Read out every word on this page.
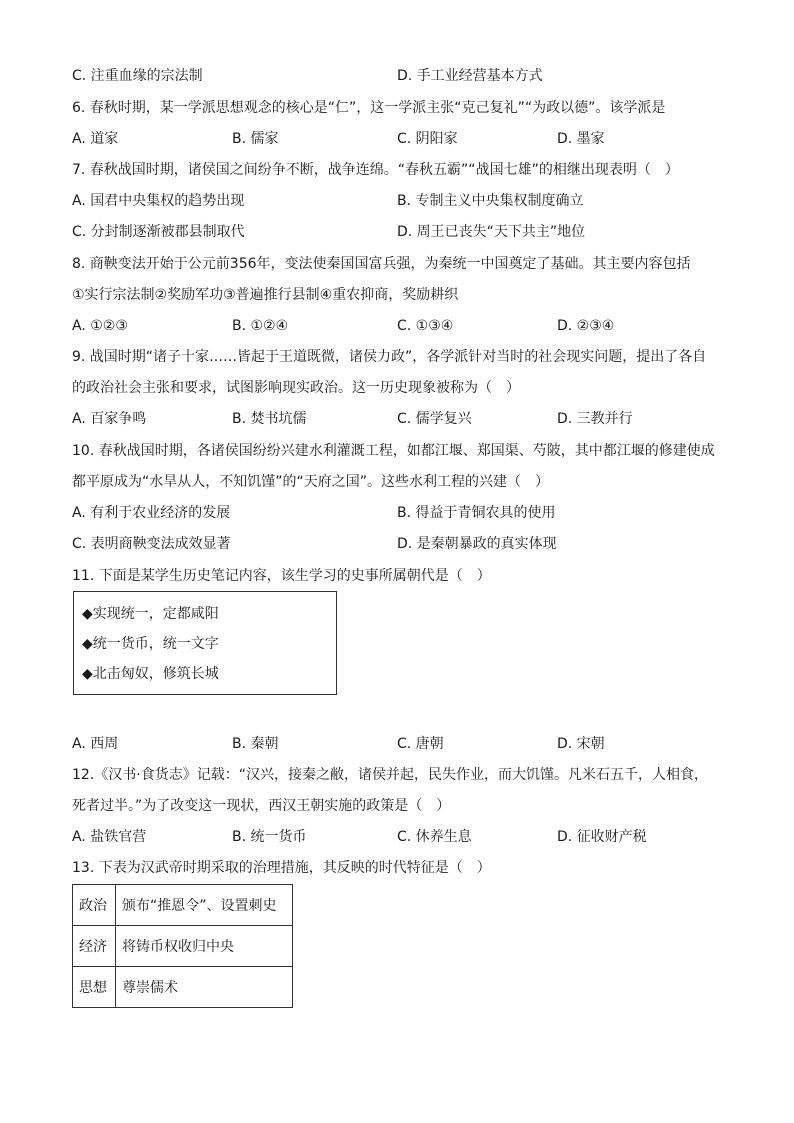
C. 注重血缘的宗法制	D. 手工业经营基本方式
6. 春秋时期，某一学派思想观念的核心是“仁”，这一学派主张“克己复礼”“为政以德”。该学派是
A. 道家	B. 儒家	C. 阴阳家	D. 墨家
7. 春秋战国时期，诸侯国之间纷争不断，战争连绵。“春秋五霸”“战国七雄”的相继出现表明（　）
A. 国君中央集权的趋势出现	B. 专制主义中央集权制度确立
C. 分封制逐渐被郡县制取代	D. 周王已丧失“天下共主”地位
8. 商鞅变法开始于公元前356年，变法使秦国国富兵强，为秦统一中国奠定了基础。其主要内容包括
①实行宗法制②奖励军功③普遍推行县制④重农抑商，奖励耕织
A. ①②③	B. ①②④	C. ①③④	D. ②③④
9. 战国时期“诸子十家……皆起于王道既微，诸侯力政”，各学派针对当时的社会现实问题，提出了各自
的政治社会主张和要求，试图影响现实政治。这一历史现象被称为（　）
A. 百家争鸣	B. 焚书坑儒	C. 儒学复兴	D. 三教并行
10. 春秋战国时期，各诸侯国纷纷兴建水利灌溉工程，如都江堰、郑国渠、芍陂，其中都江堰的修建使成
都平原成为“水旱从人，不知饥馑”的“天府之国”。这些水利工程的兴建（　）
A. 有利于农业经济的发展	B. 得益于青铜农具的使用
C. 表明商鞅变法成效显著	D. 是秦朝暴政的真实体现
11. 下面是某学生历史笔记内容，该生学习的史事所属朝代是（　）
◆实现统一，定都咸阳
◆统一货币，统一文字
◆北击匈奴，修筑长城
A. 西周	B. 秦朝	C. 唐朝	D. 宋朝
12.《汉书·食货志》记载：“汉兴，接秦之敝，诸侯并起，民失作业，而大饥馑。凡米石五千，人相食，
死者过半。”为了改变这一现状，西汉王朝实施的政策是（　）
A. 盐铁官营	B. 统一货币	C. 休养生息	D. 征收财产税
13. 下表为汉武帝时期采取的治理措施，其反映的时代特征是（　）
政治	颁布“推恩令”、设置刺史
经济	将铸币权收归中央
思想	尊崇儒术
